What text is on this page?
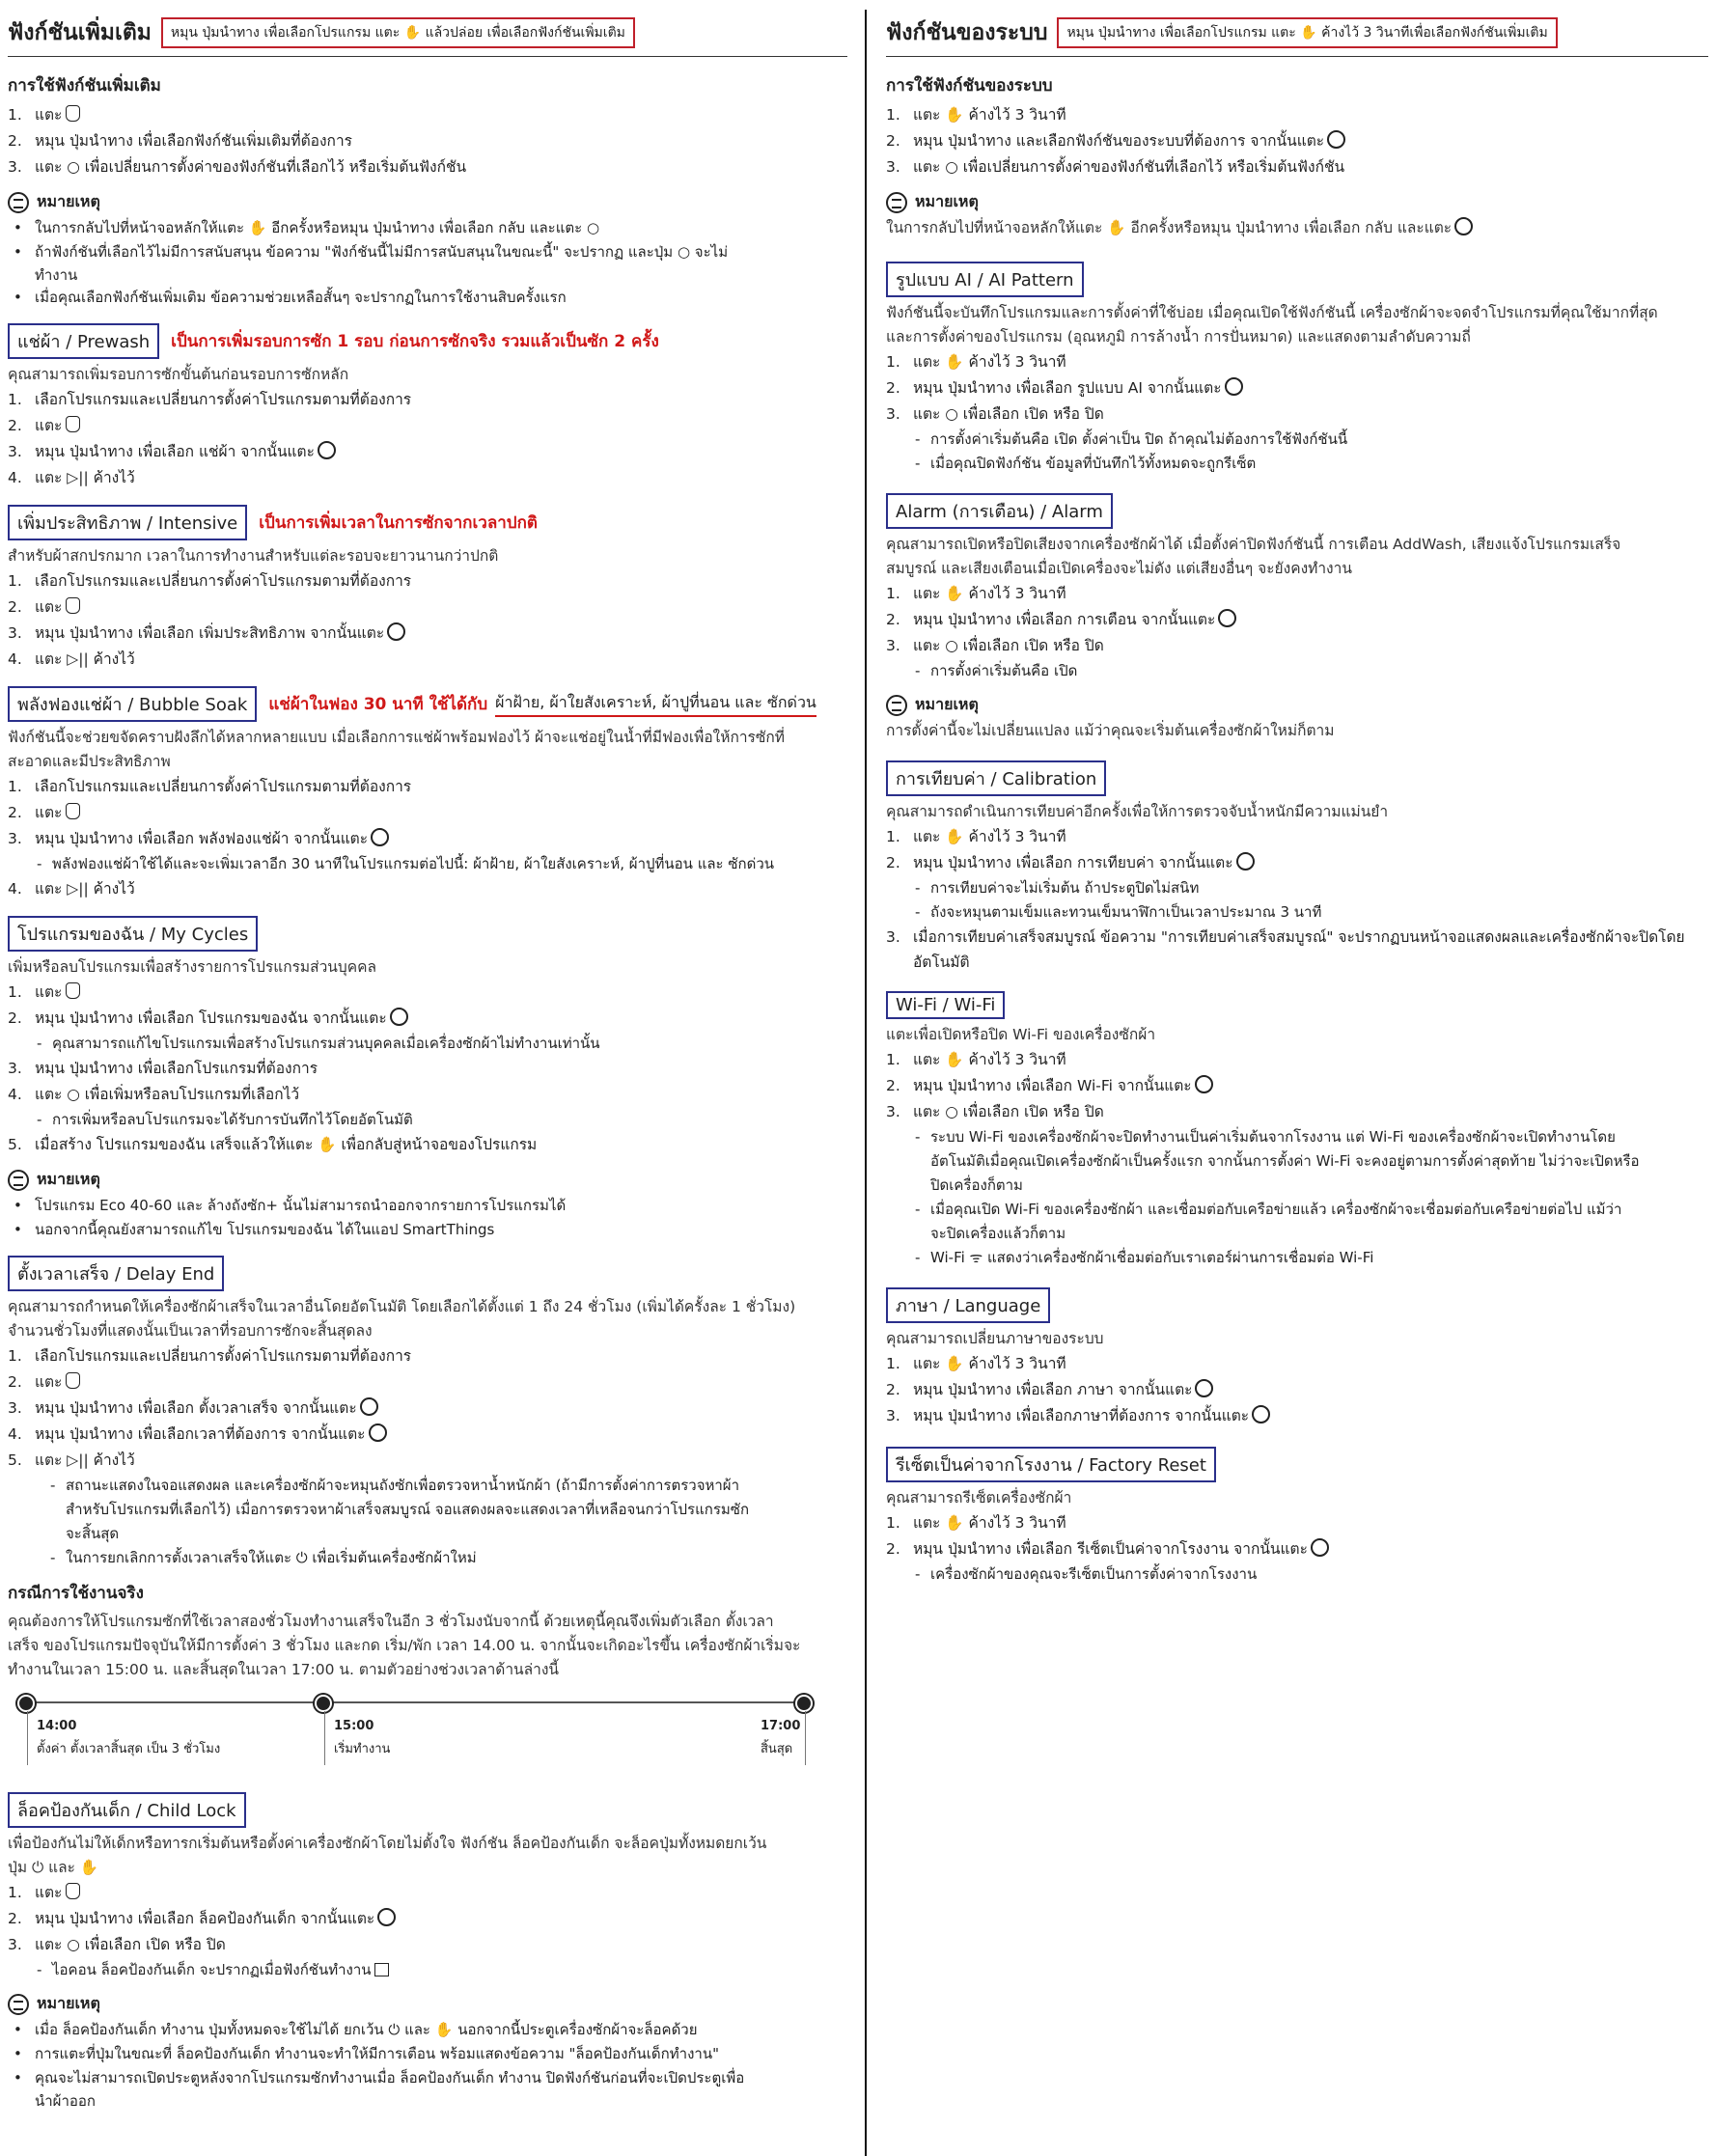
ฟังก์ชันเพิ่มเติม	หมุน ปุ่มนำทาง เพื่อเลือกโปรแกรม แตะ ✋ แล้วปล่อย เพื่อเลือกฟังก์ชันเพิ่มเติม
การใช้ฟังก์ชันเพิ่มเติม
1. แตะ
2. หมุน ปุ่มนำทาง เพื่อเลือกฟังก์ชันเพิ่มเติมที่ต้องการ
3. แตะ ○ เพื่อเปลี่ยนการตั้งค่าของฟังก์ชันที่เลือกไว้ หรือเริ่มต้นฟังก์ชัน
หมายเหตุ
• ในการกลับไปที่หน้าจอหลักให้แตะ ✋ อีกครั้งหรือหมุน ปุ่มนำทาง เพื่อเลือก กลับ และแตะ ○
• ถ้าฟังก์ชันที่เลือกไว้ไม่มีการสนับสนุน ข้อความ "ฟังก์ชันนี้ไม่มีการสนับสนุนในขณะนี้" จะปรากฏ และปุ่ม ○ จะไม่
ทำงาน
• เมื่อคุณเลือกฟังก์ชันเพิ่มเติม ข้อความช่วยเหลือสั้นๆ จะปรากฏในการใช้งานสิบครั้งแรก
แช่ผ้า / Prewash	เป็นการเพิ่มรอบการซัก 1 รอบ ก่อนการซักจริง รวมแล้วเป็นซัก 2 ครั้ง
คุณสามารถเพิ่มรอบการซักขั้นต้นก่อนรอบการซักหลัก
1. เลือกโปรแกรมและเปลี่ยนการตั้งค่าโปรแกรมตามที่ต้องการ
2. แตะ
3. หมุน ปุ่มนำทาง เพื่อเลือก แช่ผ้า จากนั้นแตะ
4. แตะ ▷|| ค้างไว้
เพิ่มประสิทธิภาพ / Intensive	เป็นการเพิ่มเวลาในการซักจากเวลาปกติ
สำหรับผ้าสกปรกมาก เวลาในการทำงานสำหรับแต่ละรอบจะยาวนานกว่าปกติ
1. เลือกโปรแกรมและเปลี่ยนการตั้งค่าโปรแกรมตามที่ต้องการ
2. แตะ
3. หมุน ปุ่มนำทาง เพื่อเลือก เพิ่มประสิทธิภาพ จากนั้นแตะ
4. แตะ ▷|| ค้างไว้
พลังฟองแช่ผ้า / Bubble Soak	แช่ผ้าในฟอง 30 นาที ใช้ได้กับ ผ้าฝ้าย, ผ้าใยสังเคราะห์, ผ้าปูที่นอน และ ซักด่วน
ฟังก์ชันนี้จะช่วยขจัดคราบฝังลึกได้หลากหลายแบบ เมื่อเลือกการแช่ผ้าพร้อมฟองไว้ ผ้าจะแช่อยู่ในน้ำที่มีฟองเพื่อให้การซักที่
สะอาดและมีประสิทธิภาพ
1. เลือกโปรแกรมและเปลี่ยนการตั้งค่าโปรแกรมตามที่ต้องการ
2. แตะ
3. หมุน ปุ่มนำทาง เพื่อเลือก พลังฟองแช่ผ้า จากนั้นแตะ
- พลังฟองแช่ผ้าใช้ได้และจะเพิ่มเวลาอีก 30 นาทีในโปรแกรมต่อไปนี้: ผ้าฝ้าย, ผ้าใยสังเคราะห์, ผ้าปูที่นอน และ ซักด่วน
4. แตะ ▷|| ค้างไว้
โปรแกรมของฉัน / My Cycles
เพิ่มหรือลบโปรแกรมเพื่อสร้างรายการโปรแกรมส่วนบุคคล
1. แตะ
2. หมุน ปุ่มนำทาง เพื่อเลือก โปรแกรมของฉัน จากนั้นแตะ
- คุณสามารถแก้ไขโปรแกรมเพื่อสร้างโปรแกรมส่วนบุคคลเมื่อเครื่องซักผ้าไม่ทำงานเท่านั้น
3. หมุน ปุ่มนำทาง เพื่อเลือกโปรแกรมที่ต้องการ
4. แตะ ○ เพื่อเพิ่มหรือลบโปรแกรมที่เลือกไว้
- การเพิ่มหรือลบโปรแกรมจะได้รับการบันทึกไว้โดยอัตโนมัติ
5. เมื่อสร้าง โปรแกรมของฉัน เสร็จแล้วให้แตะ ✋ เพื่อกลับสู่หน้าจอของโปรแกรม
หมายเหตุ
• โปรแกรม Eco 40-60 และ ล้างถังซัก+ นั้นไม่สามารถนำออกจากรายการโปรแกรมได้
• นอกจากนี้คุณยังสามารถแก้ไข โปรแกรมของฉัน ได้ในแอป SmartThings
ตั้งเวลาเสร็จ / Delay End
คุณสามารถกำหนดให้เครื่องซักผ้าเสร็จในเวลาอื่นโดยอัตโนมัติ โดยเลือกได้ตั้งแต่ 1 ถึง 24 ชั่วโมง (เพิ่มได้ครั้งละ 1 ชั่วโมง)
จำนวนชั่วโมงที่แสดงนั้นเป็นเวลาที่รอบการซักจะสิ้นสุดลง
1. เลือกโปรแกรมและเปลี่ยนการตั้งค่าโปรแกรมตามที่ต้องการ
2. แตะ
3. หมุน ปุ่มนำทาง เพื่อเลือก ตั้งเวลาเสร็จ จากนั้นแตะ
4. หมุน ปุ่มนำทาง เพื่อเลือกเวลาที่ต้องการ จากนั้นแตะ
5. แตะ ▷|| ค้างไว้
- สถานะแสดงในจอแสดงผล และเครื่องซักผ้าจะหมุนถังซักเพื่อตรวจหาน้ำหนักผ้า (ถ้ามีการตั้งค่าการตรวจหาผ้า
สำหรับโปรแกรมที่เลือกไว้) เมื่อการตรวจหาผ้าเสร็จสมบูรณ์ จอแสดงผลจะแสดงเวลาที่เหลือจนกว่าโปรแกรมซัก
จะสิ้นสุด
- ในการยกเลิกการตั้งเวลาเสร็จให้แตะ ⏻ เพื่อเริ่มต้นเครื่องซักผ้าใหม่
กรณีการใช้งานจริง
คุณต้องการให้โปรแกรมซักที่ใช้เวลาสองชั่วโมงทำงานเสร็จในอีก 3 ชั่วโมงนับจากนี้ ด้วยเหตุนี้คุณจึงเพิ่มตัวเลือก ตั้งเวลา
เสร็จ ของโปรแกรมปัจจุบันให้มีการตั้งค่า 3 ชั่วโมง และกด เริ่ม/พัก เวลา 14.00 น. จากนั้นจะเกิดอะไรขึ้น เครื่องซักผ้าเริ่มจะ
ทำงานในเวลา 15:00 น. และสิ้นสุดในเวลา 17:00 น. ตามตัวอย่างช่วงเวลาด้านล่างนี้
14:00
ตั้งค่า ตั้งเวลาสิ้นสุด เป็น 3 ชั่วโมง
15:00
เริ่มทำงาน
17:00
สิ้นสุด
ล็อคป้องกันเด็ก / Child Lock
เพื่อป้องกันไม่ให้เด็กหรือทารกเริ่มต้นหรือตั้งค่าเครื่องซักผ้าโดยไม่ตั้งใจ ฟังก์ชัน ล็อคป้องกันเด็ก จะล็อคปุ่มทั้งหมดยกเว้น
ปุ่ม ⏻ และ ✋
1. แตะ
2. หมุน ปุ่มนำทาง เพื่อเลือก ล็อคป้องกันเด็ก จากนั้นแตะ
3. แตะ ○ เพื่อเลือก เปิด หรือ ปิด
- ไอคอน ล็อคป้องกันเด็ก จะปรากฏเมื่อฟังก์ชันทำงาน
หมายเหตุ
• เมื่อ ล็อคป้องกันเด็ก ทำงาน ปุ่มทั้งหมดจะใช้ไม่ได้ ยกเว้น ⏻ และ ✋ นอกจากนี้ประตูเครื่องซักผ้าจะล็อคด้วย
• การแตะที่ปุ่มในขณะที่ ล็อคป้องกันเด็ก ทำงานจะทำให้มีการเตือน พร้อมแสดงข้อความ "ล็อคป้องกันเด็กทำงาน"
• คุณจะไม่สามารถเปิดประตูหลังจากโปรแกรมซักทำงานเมื่อ ล็อคป้องกันเด็ก ทำงาน ปิดฟังก์ชันก่อนที่จะเปิดประตูเพื่อ
นำผ้าออก
ฟังก์ชันของระบบ	หมุน ปุ่มนำทาง เพื่อเลือกโปรแกรม แตะ ✋ ค้างไว้ 3 วินาทีเพื่อเลือกฟังก์ชันเพิ่มเติม
การใช้ฟังก์ชันของระบบ
1. แตะ ✋ ค้างไว้ 3 วินาที
2. หมุน ปุ่มนำทาง และเลือกฟังก์ชันของระบบที่ต้องการ จากนั้นแตะ
3. แตะ ○ เพื่อเปลี่ยนการตั้งค่าของฟังก์ชันที่เลือกไว้ หรือเริ่มต้นฟังก์ชัน
หมายเหตุ
ในการกลับไปที่หน้าจอหลักให้แตะ ✋ อีกครั้งหรือหมุน ปุ่มนำทาง เพื่อเลือก กลับ และแตะ
รูปแบบ AI / AI Pattern
ฟังก์ชันนี้จะบันทึกโปรแกรมและการตั้งค่าที่ใช้บ่อย เมื่อคุณเปิดใช้ฟังก์ชันนี้ เครื่องซักผ้าจะจดจำโปรแกรมที่คุณใช้มากที่สุด
และการตั้งค่าของโปรแกรม (อุณหภูมิ การล้างน้ำ การปั่นหมาด) และแสดงตามลำดับความถี่
1. แตะ ✋ ค้างไว้ 3 วินาที
2. หมุน ปุ่มนำทาง เพื่อเลือก รูปแบบ AI จากนั้นแตะ
3. แตะ ○ เพื่อเลือก เปิด หรือ ปิด
- การตั้งค่าเริ่มต้นคือ เปิด ตั้งค่าเป็น ปิด ถ้าคุณไม่ต้องการใช้ฟังก์ชันนี้
- เมื่อคุณปิดฟังก์ชัน ข้อมูลที่บันทึกไว้ทั้งหมดจะถูกรีเซ็ต
Alarm (การเตือน) / Alarm
คุณสามารถเปิดหรือปิดเสียงจากเครื่องซักผ้าได้ เมื่อตั้งค่าปิดฟังก์ชันนี้ การเตือน AddWash, เสียงแจ้งโปรแกรมเสร็จ
สมบูรณ์ และเสียงเตือนเมื่อเปิดเครื่องจะไม่ดัง แต่เสียงอื่นๆ จะยังคงทำงาน
1. แตะ ✋ ค้างไว้ 3 วินาที
2. หมุน ปุ่มนำทาง เพื่อเลือก การเตือน จากนั้นแตะ
3. แตะ ○ เพื่อเลือก เปิด หรือ ปิด
- การตั้งค่าเริ่มต้นคือ เปิด
หมายเหตุ
การตั้งค่านี้จะไม่เปลี่ยนแปลง แม้ว่าคุณจะเริ่มต้นเครื่องซักผ้าใหม่ก็ตาม
การเทียบค่า / Calibration
คุณสามารถดำเนินการเทียบค่าอีกครั้งเพื่อให้การตรวจจับน้ำหนักมีความแม่นยำ
1. แตะ ✋ ค้างไว้ 3 วินาที
2. หมุน ปุ่มนำทาง เพื่อเลือก การเทียบค่า จากนั้นแตะ
- การเทียบค่าจะไม่เริ่มต้น ถ้าประตูปิดไม่สนิท
- ถังจะหมุนตามเข็มและทวนเข็มนาฬิกาเป็นเวลาประมาณ 3 นาที
3. เมื่อการเทียบค่าเสร็จสมบูรณ์ ข้อความ "การเทียบค่าเสร็จสมบูรณ์" จะปรากฏบนหน้าจอแสดงผลและเครื่องซักผ้าจะปิดโดย
อัตโนมัติ
Wi-Fi / Wi-Fi
แตะเพื่อเปิดหรือปิด Wi-Fi ของเครื่องซักผ้า
1. แตะ ✋ ค้างไว้ 3 วินาที
2. หมุน ปุ่มนำทาง เพื่อเลือก Wi-Fi จากนั้นแตะ
3. แตะ ○ เพื่อเลือก เปิด หรือ ปิด
- ระบบ Wi-Fi ของเครื่องซักผ้าจะปิดทำงานเป็นค่าเริ่มต้นจากโรงงาน แต่ Wi-Fi ของเครื่องซักผ้าจะเปิดทำงานโดย
อัตโนมัติเมื่อคุณเปิดเครื่องซักผ้าเป็นครั้งแรก จากนั้นการตั้งค่า Wi-Fi จะคงอยู่ตามการตั้งค่าสุดท้าย ไม่ว่าจะเปิดหรือ
ปิดเครื่องก็ตาม
- เมื่อคุณเปิด Wi-Fi ของเครื่องซักผ้า และเชื่อมต่อกับเครือข่ายแล้ว เครื่องซักผ้าจะเชื่อมต่อกับเครือข่ายต่อไป แม้ว่า
จะปิดเครื่องแล้วก็ตาม
- Wi-Fi ᯤ แสดงว่าเครื่องซักผ้าเชื่อมต่อกับเราเตอร์ผ่านการเชื่อมต่อ Wi-Fi
ภาษา / Language
คุณสามารถเปลี่ยนภาษาของระบบ
1. แตะ ✋ ค้างไว้ 3 วินาที
2. หมุน ปุ่มนำทาง เพื่อเลือก ภาษา จากนั้นแตะ
3. หมุน ปุ่มนำทาง เพื่อเลือกภาษาที่ต้องการ จากนั้นแตะ
รีเซ็ตเป็นค่าจากโรงงาน / Factory Reset
คุณสามารถรีเซ็ตเครื่องซักผ้า
1. แตะ ✋ ค้างไว้ 3 วินาที
2. หมุน ปุ่มนำทาง เพื่อเลือก รีเซ็ตเป็นค่าจากโรงงาน จากนั้นแตะ
- เครื่องซักผ้าของคุณจะรีเซ็ตเป็นการตั้งค่าจากโรงงาน
